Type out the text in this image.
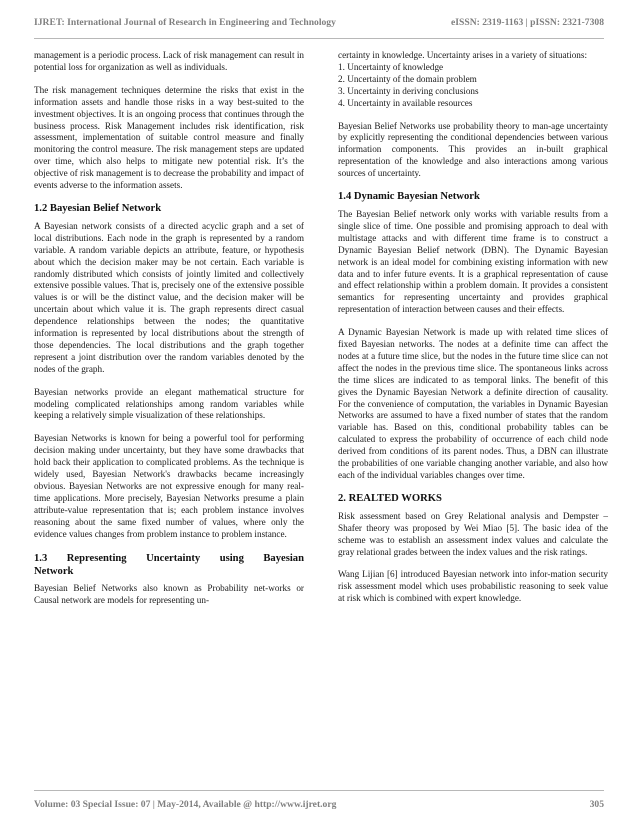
IJRET: International Journal of Research in Engineering and Technology	eISSN: 2319-1163 | pISSN: 2321-7308

management is a periodic process. Lack of risk management can result in potential loss for organization as well as individuals.

The risk management techniques determine the risks that exist in the information assets and handle those risks in a way best-suited to the investment objectives. It is an ongoing process that continues through the business process. Risk Management includes risk identification, risk assessment, implementation of suitable control measure and finally monitoring the control measure. The risk management steps are updated over time, which also helps to mitigate new potential risk. It’s the objective of risk management is to decrease the probability and impact of events adverse to the information assets.

1.2 Bayesian Belief Network

A Bayesian network consists of a directed acyclic graph and a set of local distributions. Each node in the graph is represented by a random variable. A random variable depicts an attribute, feature, or hypothesis about which the decision maker may be not certain. Each variable is randomly distributed which consists of jointly limited and collectively extensive possible values. That is, precisely one of the extensive possible values is or will be the distinct value, and the decision maker will be uncertain about which value it is. The graph represents direct casual dependence relationships between the nodes; the quantitative information is represented by local distributions about the strength of those dependencies. The local distributions and the graph together represent a joint distribution over the random variables denoted by the nodes of the graph.

Bayesian networks provide an elegant mathematical structure for modeling complicated relationships among random variables while keeping a relatively simple visualization of these relationships.

Bayesian Networks is known for being a powerful tool for performing decision making under uncertainty, but they have some drawbacks that hold back their application to complicated problems. As the technique is widely used, Bayesian Network's drawbacks became increasingly obvious. Bayesian Networks are not expressive enough for many real-time applications. More precisely, Bayesian Networks presume a plain attribute-value representation that is; each problem instance involves reasoning about the same fixed number of values, where only the evidence values changes from problem instance to problem instance.

1.3 Representing Uncertainty using Bayesian
Network

Bayesian Belief Networks also known as Probability net-works or Causal network are models for representing un-

certainty in knowledge. Uncertainty arises in a variety of situations:

1. Uncertainty of knowledge
2. Uncertainty of the domain problem
3. Uncertainty in deriving conclusions
4. Uncertainty in available resources

Bayesian Belief Networks use probability theory to man-age uncertainty by explicitly representing the conditional dependencies between various information components. This provides an in-built graphical representation of the knowledge and also interactions among various sources of uncertainty.

1.4 Dynamic Bayesian Network

The Bayesian Belief network only works with variable results from a single slice of time. One possible and promising approach to deal with multistage attacks and with different time frame is to construct a Dynamic Bayesian Belief network (DBN). The Dynamic Bayesian network is an ideal model for combining existing information with new data and to infer future events. It is a graphical representation of cause and effect relationship within a problem domain. It provides a consistent semantics for representing uncertainty and provides graphical representation of interaction between causes and their effects.

A Dynamic Bayesian Network is made up with related time slices of fixed Bayesian networks. The nodes at a definite time can affect the nodes at a future time slice, but the nodes in the future time slice can not affect the nodes in the previous time slice. The spontaneous links across the time slices are indicated to as temporal links. The benefit of this gives the Dynamic Bayesian Network a definite direction of causality. For the convenience of computation, the variables in Dynamic Bayesian Networks are assumed to have a fixed number of states that the random variable has. Based on this, conditional probability tables can be calculated to express the probability of occurrence of each child node derived from conditions of its parent nodes. Thus, a DBN can illustrate the probabilities of one variable changing another variable, and also how each of the individual variables changes over time.

2. REALTED WORKS

Risk assessment based on Grey Relational analysis and Dempster –Shafer theory was proposed by Wei Miao [5]. The basic idea of the scheme was to establish an assessment index values and calculate the gray relational grades between the index values and the risk ratings.

Wang Lijian [6] introduced Bayesian network into infor-mation security risk assessment model which uses probabilistic reasoning to seek value at risk which is combined with expert knowledge.

Volume: 03 Special Issue: 07 | May-2014, Available @ http://www.ijret.org	305
